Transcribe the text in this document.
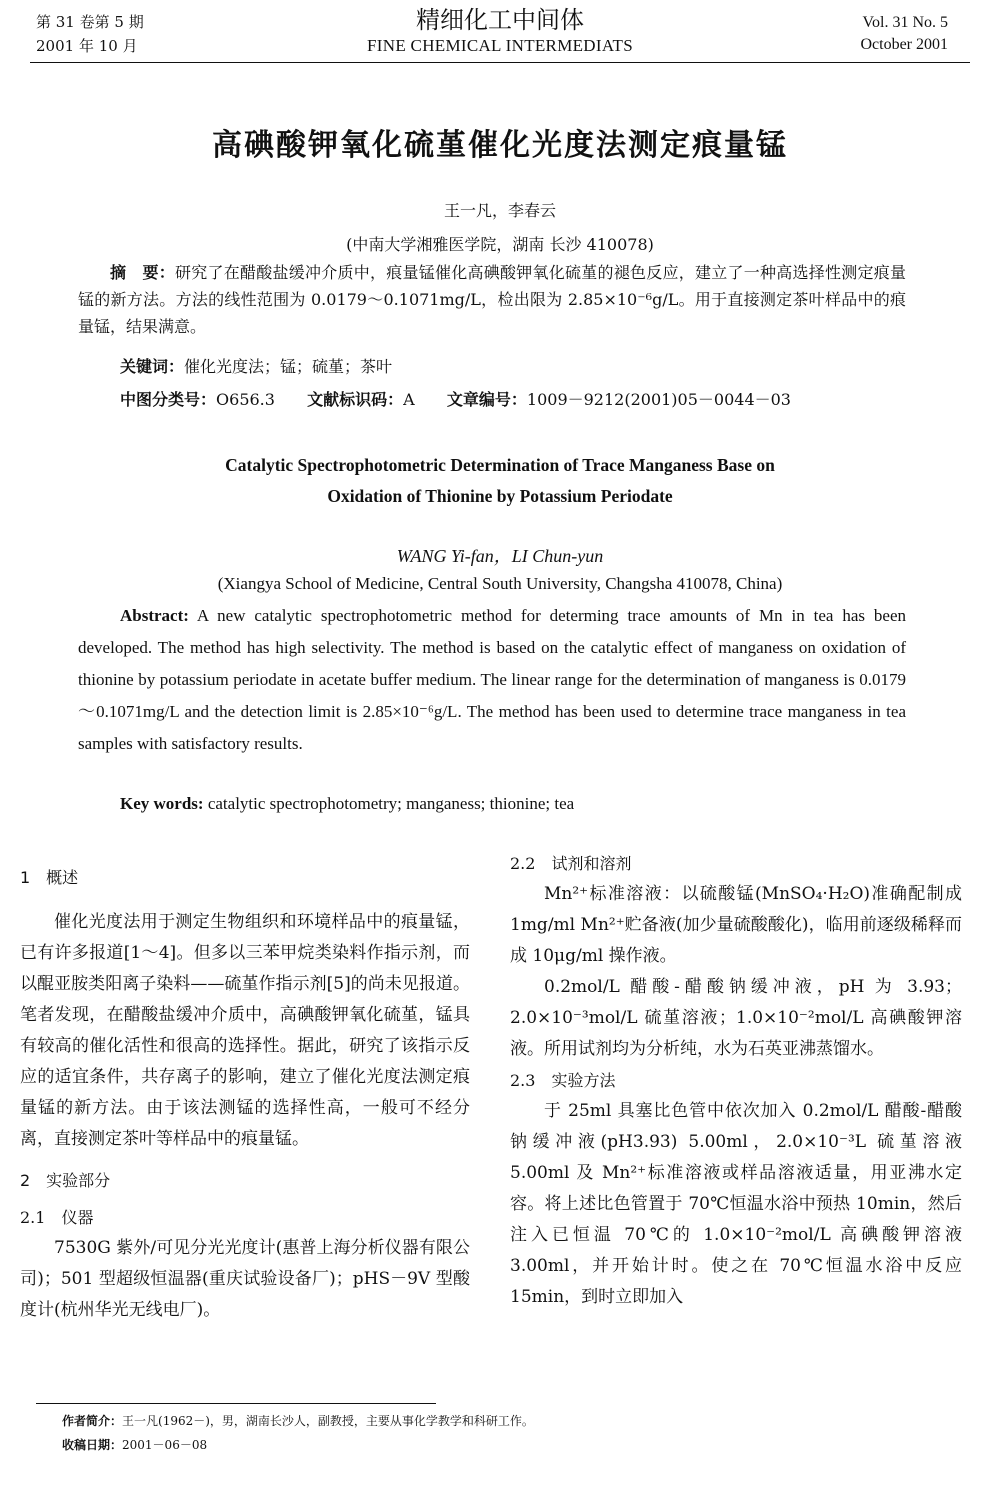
第 31 卷第 5 期
2001 年 10 月
精细化工中间体
FINE CHEMICAL INTERMEDIATS
Vol. 31 No. 5
October 2001
高碘酸钾氧化硫堇催化光度法测定痕量锰
王一凡，李春云
(中南大学湘雅医学院，湖南 长沙 410078)

摘　要：研究了在醋酸盐缓冲介质中，痕量锰催化高碘酸钾氧化硫堇的褪色反应，建立了一种高选择性测定痕量锰的新方法。方法的线性范围为 0.0179～0.1071mg/L，检出限为 2.85×10⁻⁶g/L。用于直接测定茶叶样品中的痕量锰，结果满意。

关键词：催化光度法；锰；硫堇；茶叶

中图分类号：O656.3 文献标识码：A 文章编号：1009－9212(2001)05－0044－03

Catalytic Spectrophotometric Determination of Trace Manganess Base on
Oxidation of Thionine by Potassium Periodate
WANG Yi-fan，LI Chun-yun
(Xiangya School of Medicine, Central South University, Changsha 410078, China)

Abstract: A new catalytic spectrophotometric method for determing trace amounts of Mn in tea has been developed. The method has high selectivity. The method is based on the catalytic effect of manganess on oxidation of thionine by potassium periodate in acetate buffer medium. The linear range for the determination of manganess is 0.0179～0.1071mg/L and the detection limit is 2.85×10⁻⁶g/L. The method has been used to determine trace manganess in tea samples with satisfactory results.

Key words: catalytic spectrophotometry; manganess; thionine; tea

1　概述

催化光度法用于测定生物组织和环境样品中的痕量锰，已有许多报道[1～4]。但多以三苯甲烷类染料作指示剂，而以醌亚胺类阳离子染料——硫堇作指示剂[5]的尚未见报道。笔者发现，在醋酸盐缓冲介质中，高碘酸钾氧化硫堇，锰具有较高的催化活性和很高的选择性。据此，研究了该指示反应的适宜条件，共存离子的影响，建立了催化光度法测定痕量锰的新方法。由于该法测锰的选择性高，一般可不经分离，直接测定茶叶等样品中的痕量锰。

2　实验部分

2.1　仪器

7530G 紫外/可见分光光度计(惠普上海分析仪器有限公司)；501 型超级恒温器(重庆试验设备厂)；pHS－9V 型酸度计(杭州华光无线电厂)。

2.2　试剂和溶剂

Mn²⁺标准溶液：以硫酸锰(MnSO₄·H₂O)准确配制成 1mg/ml Mn²⁺贮备液(加少量硫酸酸化)，临用前逐级稀释而成 10μg/ml 操作液。

0.2mol/L 醋酸-醋酸钠缓冲液，pH 为 3.93；2.0×10⁻³mol/L 硫堇溶液；1.0×10⁻²mol/L 高碘酸钾溶液。所用试剂均为分析纯，水为石英亚沸蒸馏水。

2.3　实验方法

于 25ml 具塞比色管中依次加入 0.2mol/L 醋酸-醋酸钠缓冲液(pH3.93) 5.00ml，2.0×10⁻³L 硫堇溶液 5.00ml 及 Mn²⁺标准溶液或样品溶液适量，用亚沸水定容。将上述比色管置于 70℃恒温水浴中预热 10min，然后注入已恒温 70℃的 1.0×10⁻²mol/L 高碘酸钾溶液 3.00ml，并开始计时。使之在 70℃恒温水浴中反应 15min，到时立即加入

作者简介：王一凡(1962－)，男，湖南长沙人，副教授，主要从事化学教学和科研工作。
收稿日期：2001－06－08
